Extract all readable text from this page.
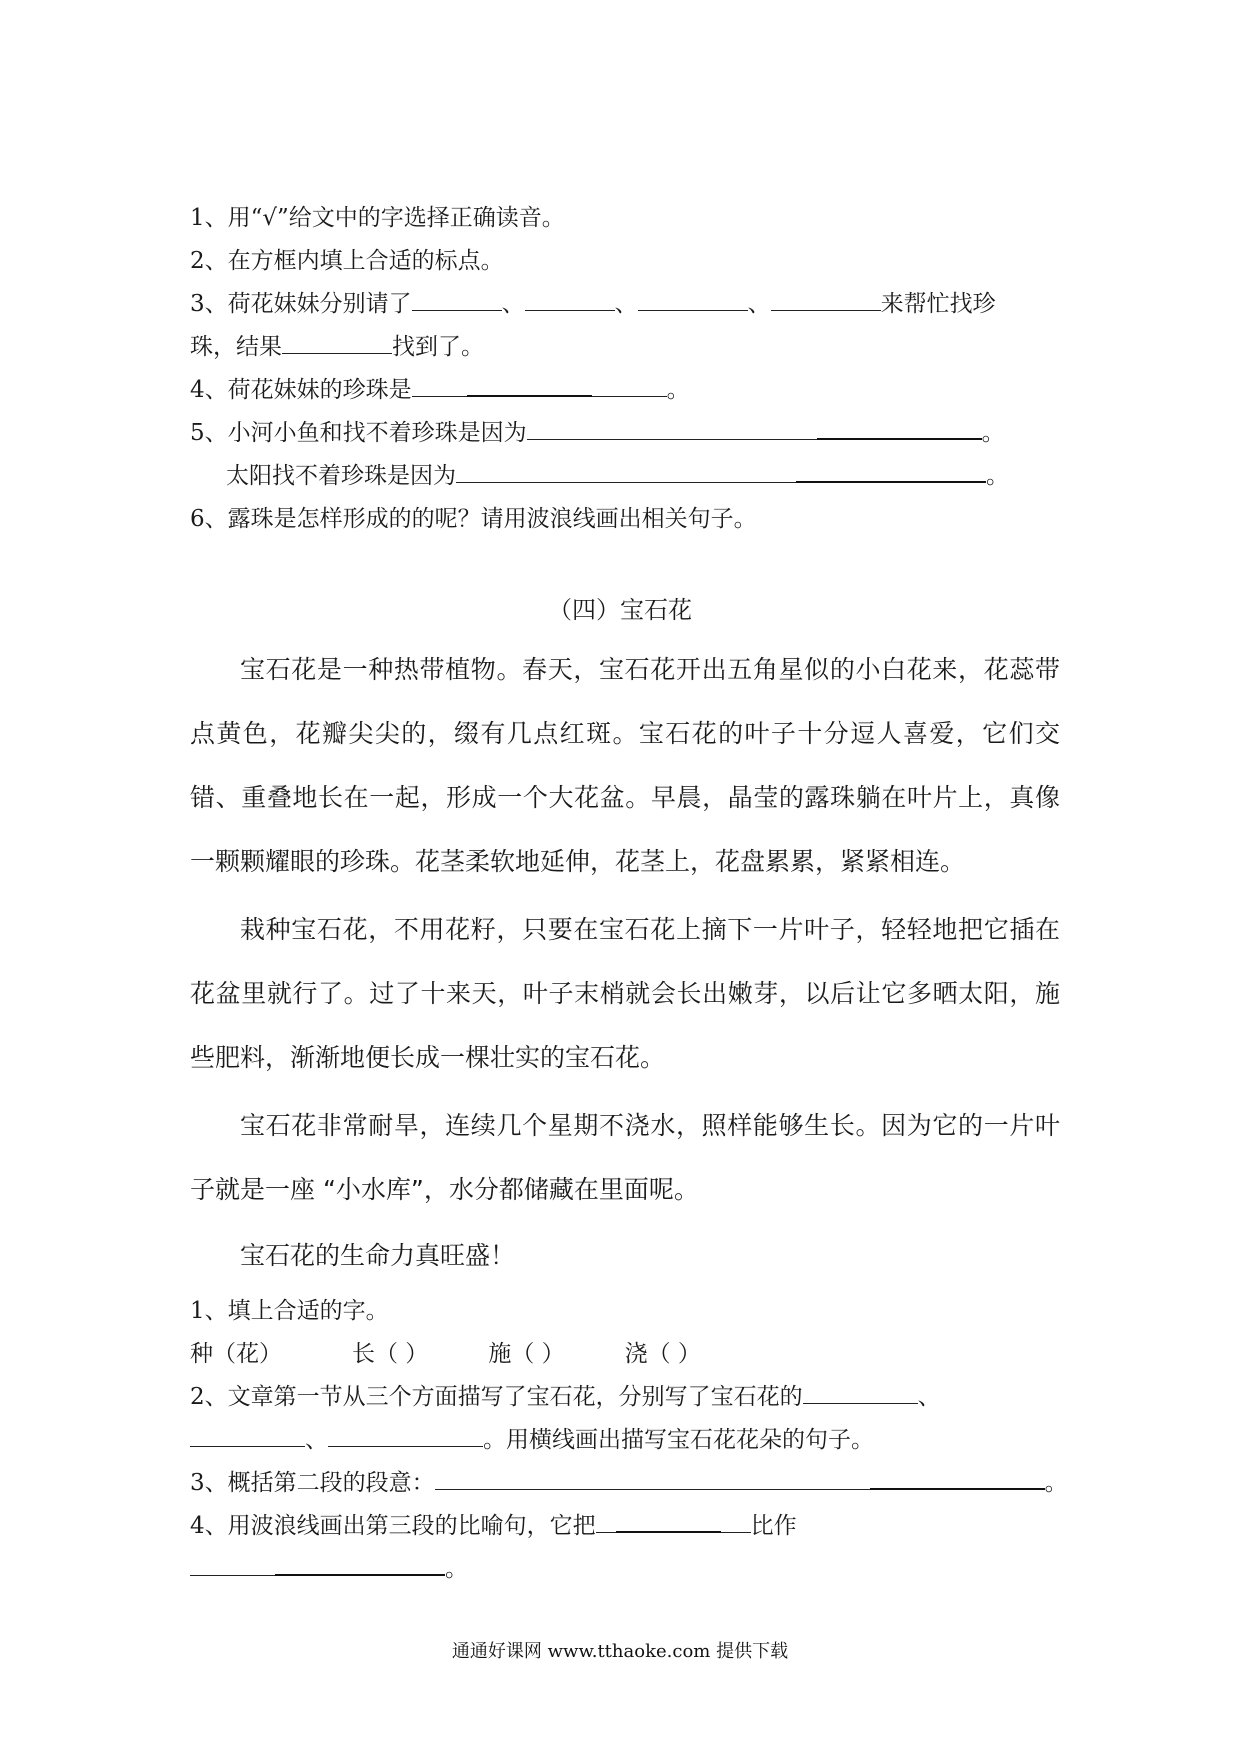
1、用“√”给文中的字选择正确读音。
2、在方框内填上合适的标点。
3、荷花妹妹分别请了	、	、	、	来帮忙找珍
珠，结果	找到了。
4、荷花妹妹的珍珠是	。
5、小河小鱼和找不着珍珠是因为	。
太阳找不着珍珠是因为	。
6、露珠是怎样形成的的呢？请用波浪线画出相关句子。
（四）宝石花
宝石花是一种热带植物。春天，宝石花开出五角星似的小白花来，花蕊带点黄色，花瓣尖尖的，缀有几点红斑。宝石花的叶子十分逗人喜爱，它们交错、重叠地长在一起，形成一个大花盆。早晨，晶莹的露珠躺在叶片上，真像一颗颗耀眼的珍珠。花茎柔软地延伸，花茎上，花盘累累，紧紧相连。
栽种宝石花，不用花籽，只要在宝石花上摘下一片叶子，轻轻地把它插在花盆里就行了。过了十来天，叶子末梢就会长出嫩芽，以后让它多晒太阳，施些肥料，渐渐地便长成一棵壮实的宝石花。
宝石花非常耐旱，连续几个星期不浇水，照样能够生长。因为它的一片叶子就是一座 “小水库”，水分都储藏在里面呢。
宝石花的生命力真旺盛！
1、填上合适的字。
种（花）	长（ ）	施（ ）	浇（ ）
2、文章第一节从三个方面描写了宝石花，分别写了宝石花的	、
、	。用横线画出描写宝石花花朵的句子。
3、概括第二段的段意：	。
4、用波浪线画出第三段的比喻句，它把	比作
。
通通好课网 www.tthaoke.com 提供下载
